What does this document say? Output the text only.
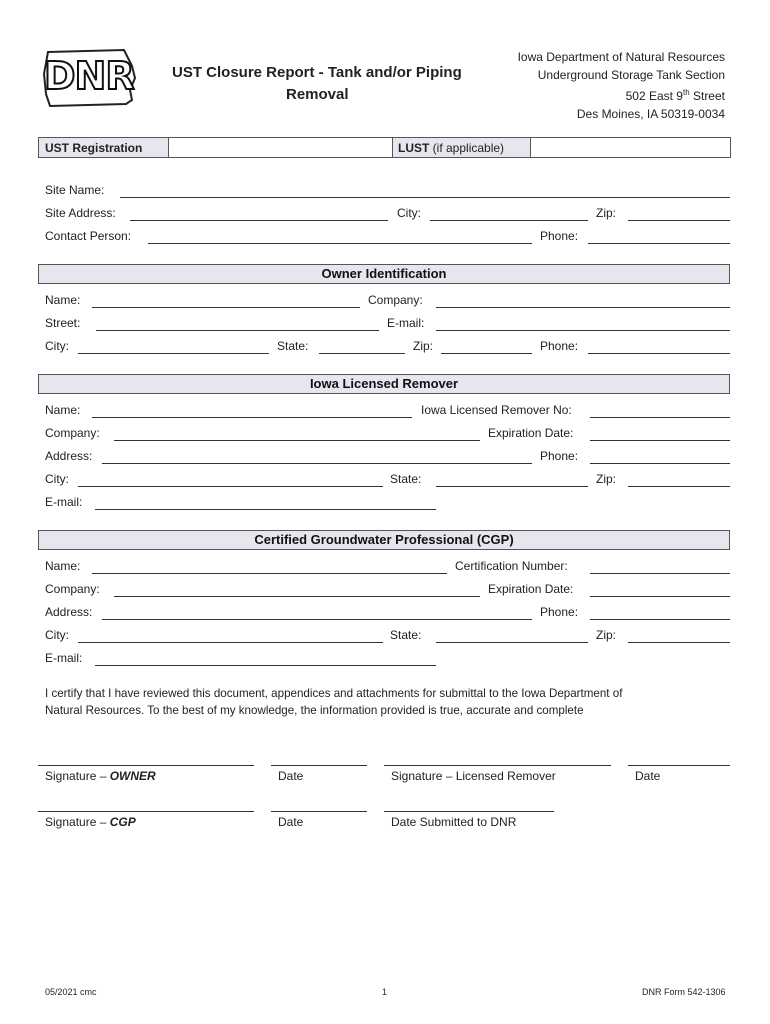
DNR	UST Closure Report - Tank and/or Piping
Removal
Iowa Department of Natural Resources
Underground Storage Tank Section
502 East 9th Street
Des Moines, IA 50319-0034
UST Registration	LUST (if applicable)
Site Name:
Site Address:	City:	Zip:
Contact Person:	Phone:
Owner Identification
Name:	Company:
Street:	E-mail:
City:	State:	Zip:	Phone:
Iowa Licensed Remover
Name:	Iowa Licensed Remover No:
Company:	Expiration Date:
Address:	Phone:
City:	State:	Zip:
E-mail:
Certified Groundwater Professional (CGP)
Name:	Certification Number:
Company:	Expiration Date:
Address:	Phone:
City:	State:	Zip:
E-mail:
I certify that I have reviewed this document, appendices and attachments for submittal to the Iowa Department of
Natural Resources. To the best of my knowledge, the information provided is true, accurate and complete
Signature – OWNER	Date	Signature – Licensed Remover	Date
Signature – CGP	Date	Date Submitted to DNR
05/2021 cmc	1	DNR Form 542-1306
